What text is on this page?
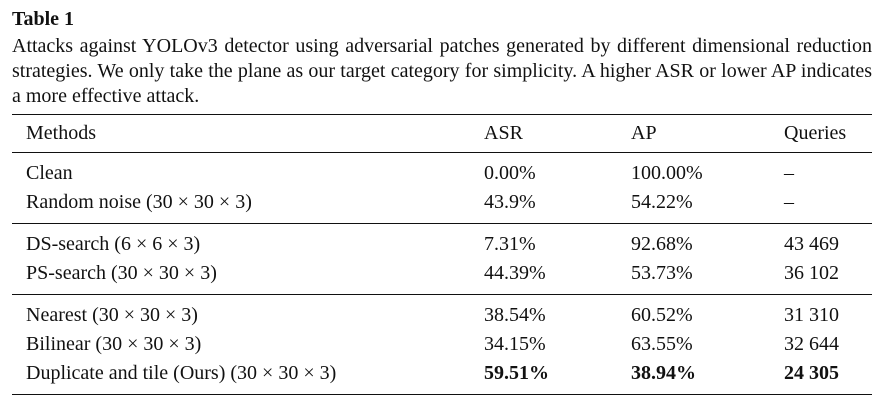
Table 1

Attacks against YOLOv3 detector using adversarial patches generated by different dimensional reduction strategies. We only take the plane as our target category for simplicity. A higher ASR or lower AP indicates a more effective attack.

Methods	ASR	AP	Queries
Clean	0.00%	100.00%	–
Random noise (30 × 30 × 3)	43.9%	54.22%	–
DS-search (6 × 6 × 3)	7.31%	92.68%	43 469
PS-search (30 × 30 × 3)	44.39%	53.73%	36 102
Nearest (30 × 30 × 3)	38.54%	60.52%	31 310
Bilinear (30 × 30 × 3)	34.15%	63.55%	32 644
Duplicate and tile (Ours) (30 × 30 × 3)	59.51%	38.94%	24 305
